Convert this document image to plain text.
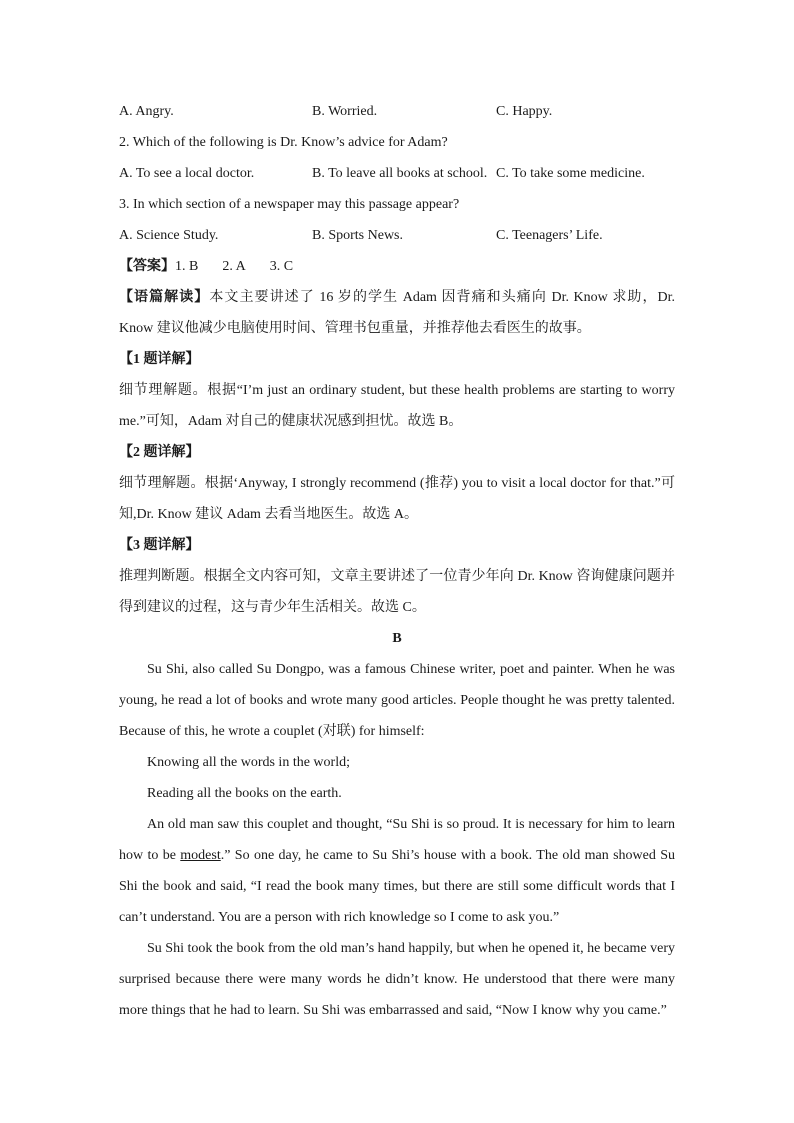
A. Angry.	B. Worried.	C. Happy.
2. Which of the following is Dr. Know’s advice for Adam?
A. To see a local doctor.	B. To leave all books at school. C. To take some medicine.
3. In which section of a newspaper may this passage appear?
A. Science Study.	B. Sports News.	C. Teenagers’ Life.
【答案】1. B 2. A 3. C
【语篇解读】本文主要讲述了 16 岁的学生 Adam 因背痛和头痛向 Dr. Know 求助，Dr. Know 建议他减少电脑使用时间、管理书包重量，并推荐他去看医生的故事。
【1 题详解】
细节理解题。根据“I’m just an ordinary student, but these health problems are starting to worry me.”可知，Adam 对自己的健康状况感到担忧。故选 B。
【2 题详解】
细节理解题。根据‘Anyway, I strongly recommend (推荐) you to visit a local doctor for that.”可知,Dr. Know 建议 Adam 去看当地医生。故选 A。
【3 题详解】
推理判断题。根据全文内容可知，文章主要讲述了一位青少年向 Dr. Know 咨询健康问题并得到建议的过程，这与青少年生活相关。故选 C。
B
Su Shi, also called Su Dongpo, was a famous Chinese writer, poet and painter. When he was young, he read a lot of books and wrote many good articles. People thought he was pretty talented. Because of this, he wrote a couplet (对联) for himself:
Knowing all the words in the world;
Reading all the books on the earth.
An old man saw this couplet and thought, “Su Shi is so proud. It is necessary for him to learn how to be modest.” So one day, he came to Su Shi’s house with a book. The old man showed Su Shi the book and said, “I read the book many times, but there are still some difficult words that I can’t understand. You are a person with rich knowledge so I come to ask you.”
Su Shi took the book from the old man’s hand happily, but when he opened it, he became very surprised because there were many words he didn’t know. He understood that there were many more things that he had to learn. Su Shi was embarrassed and said, “Now I know why you came.”
